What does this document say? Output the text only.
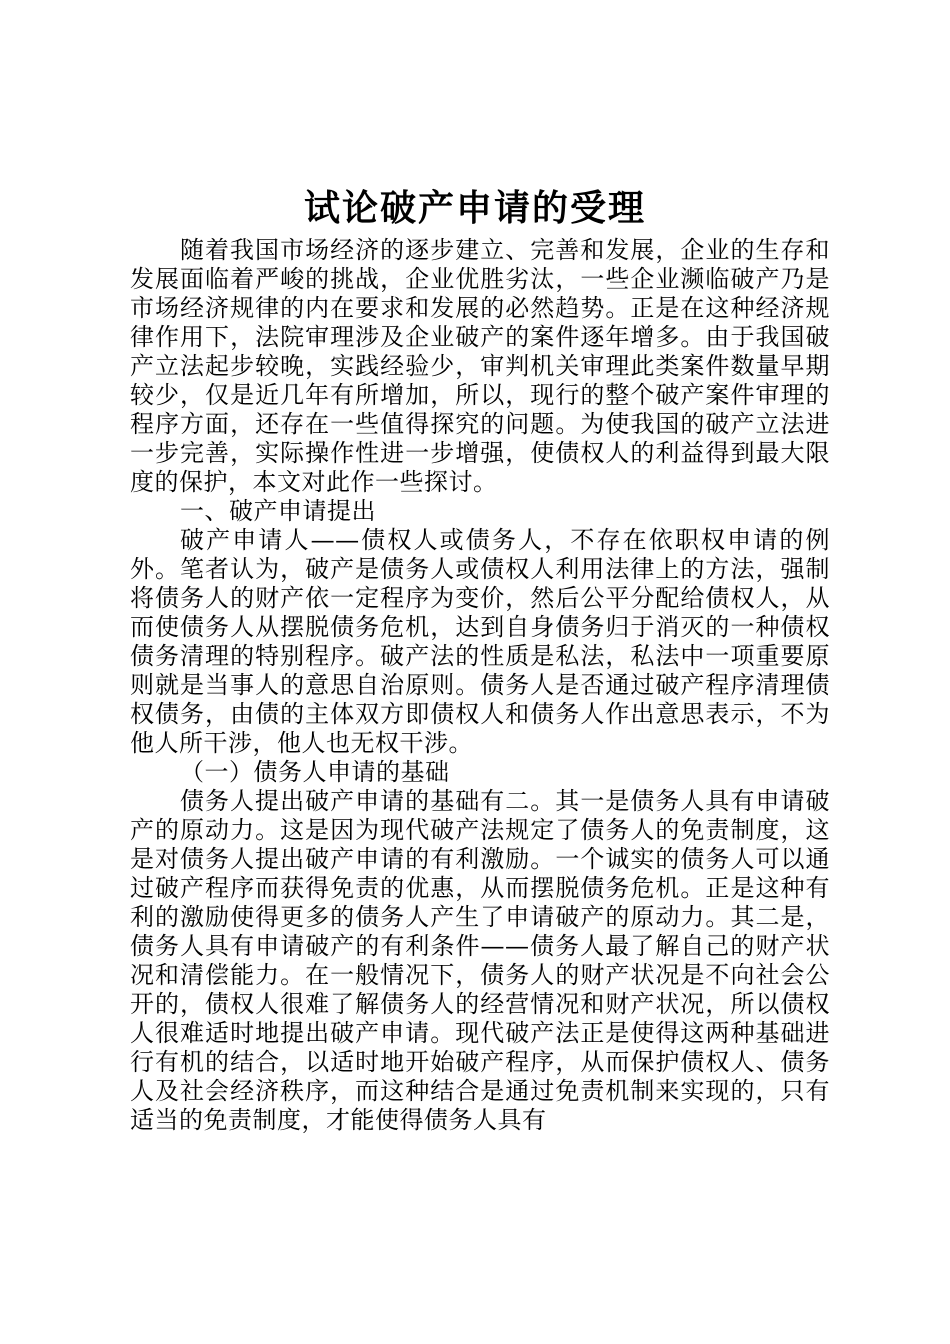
试论破产申请的受理

随着我国市场经济的逐步建立、完善和发展，企业的生存和发展面临着严峻的挑战，企业优胜劣汰，一些企业濒临破产乃是市场经济规律的内在要求和发展的必然趋势。正是在这种经济规律作用下，法院审理涉及企业破产的案件逐年增多。由于我国破产立法起步较晚，实践经验少，审判机关审理此类案件数量早期较少，仅是近几年有所增加，所以，现行的整个破产案件审理的程序方面，还存在一些值得探究的问题。为使我国的破产立法进一步完善，实际操作性进一步增强，使债权人的利益得到最大限度的保护，本文对此作一些探讨。

一、破产申请提出

破产申请人——债权人或债务人，不存在依职权申请的例外。笔者认为，破产是债务人或债权人利用法律上的方法，强制将债务人的财产依一定程序为变价，然后公平分配给债权人，从而使债务人从摆脱债务危机，达到自身债务归于消灭的一种债权债务清理的特别程序。破产法的性质是私法，私法中一项重要原则就是当事人的意思自治原则。债务人是否通过破产程序清理债权债务，由债的主体双方即债权人和债务人作出意思表示，不为他人所干涉，他人也无权干涉。

（一）债务人申请的基础

债务人提出破产申请的基础有二。其一是债务人具有申请破产的原动力。这是因为现代破产法规定了债务人的免责制度，这是对债务人提出破产申请的有利激励。一个诚实的债务人可以通过破产程序而获得免责的优惠，从而摆脱债务危机。正是这种有利的激励使得更多的债务人产生了申请破产的原动力。其二是，债务人具有申请破产的有利条件——债务人最了解自己的财产状况和清偿能力。在一般情况下，债务人的财产状况是不向社会公开的，债权人很难了解债务人的经营情况和财产状况，所以债权人很难适时地提出破产申请。现代破产法正是使得这两种基础进行有机的结合，以适时地开始破产程序，从而保护债权人、债务人及社会经济秩序，而这种结合是通过免责机制来实现的，只有适当的免责制度，才能使得债务人具有
